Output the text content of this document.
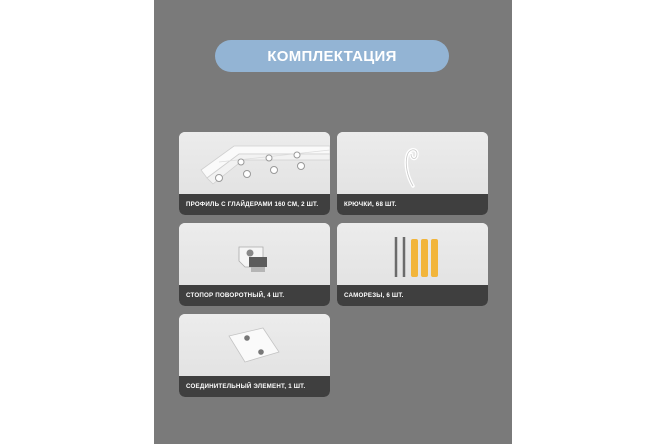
КОМПЛЕКТАЦИЯ
ПРОФИЛЬ С ГЛАЙДЕРАМИ 160 СМ, 2 ШТ.	КРЮЧКИ, 68 ШТ.
СТОПОР ПОВОРОТНЫЙ, 4 ШТ.	САМОРЕЗЫ, 6 ШТ.
СОЕДИНИТЕЛЬНЫЙ ЭЛЕМЕНТ, 1 ШТ.
